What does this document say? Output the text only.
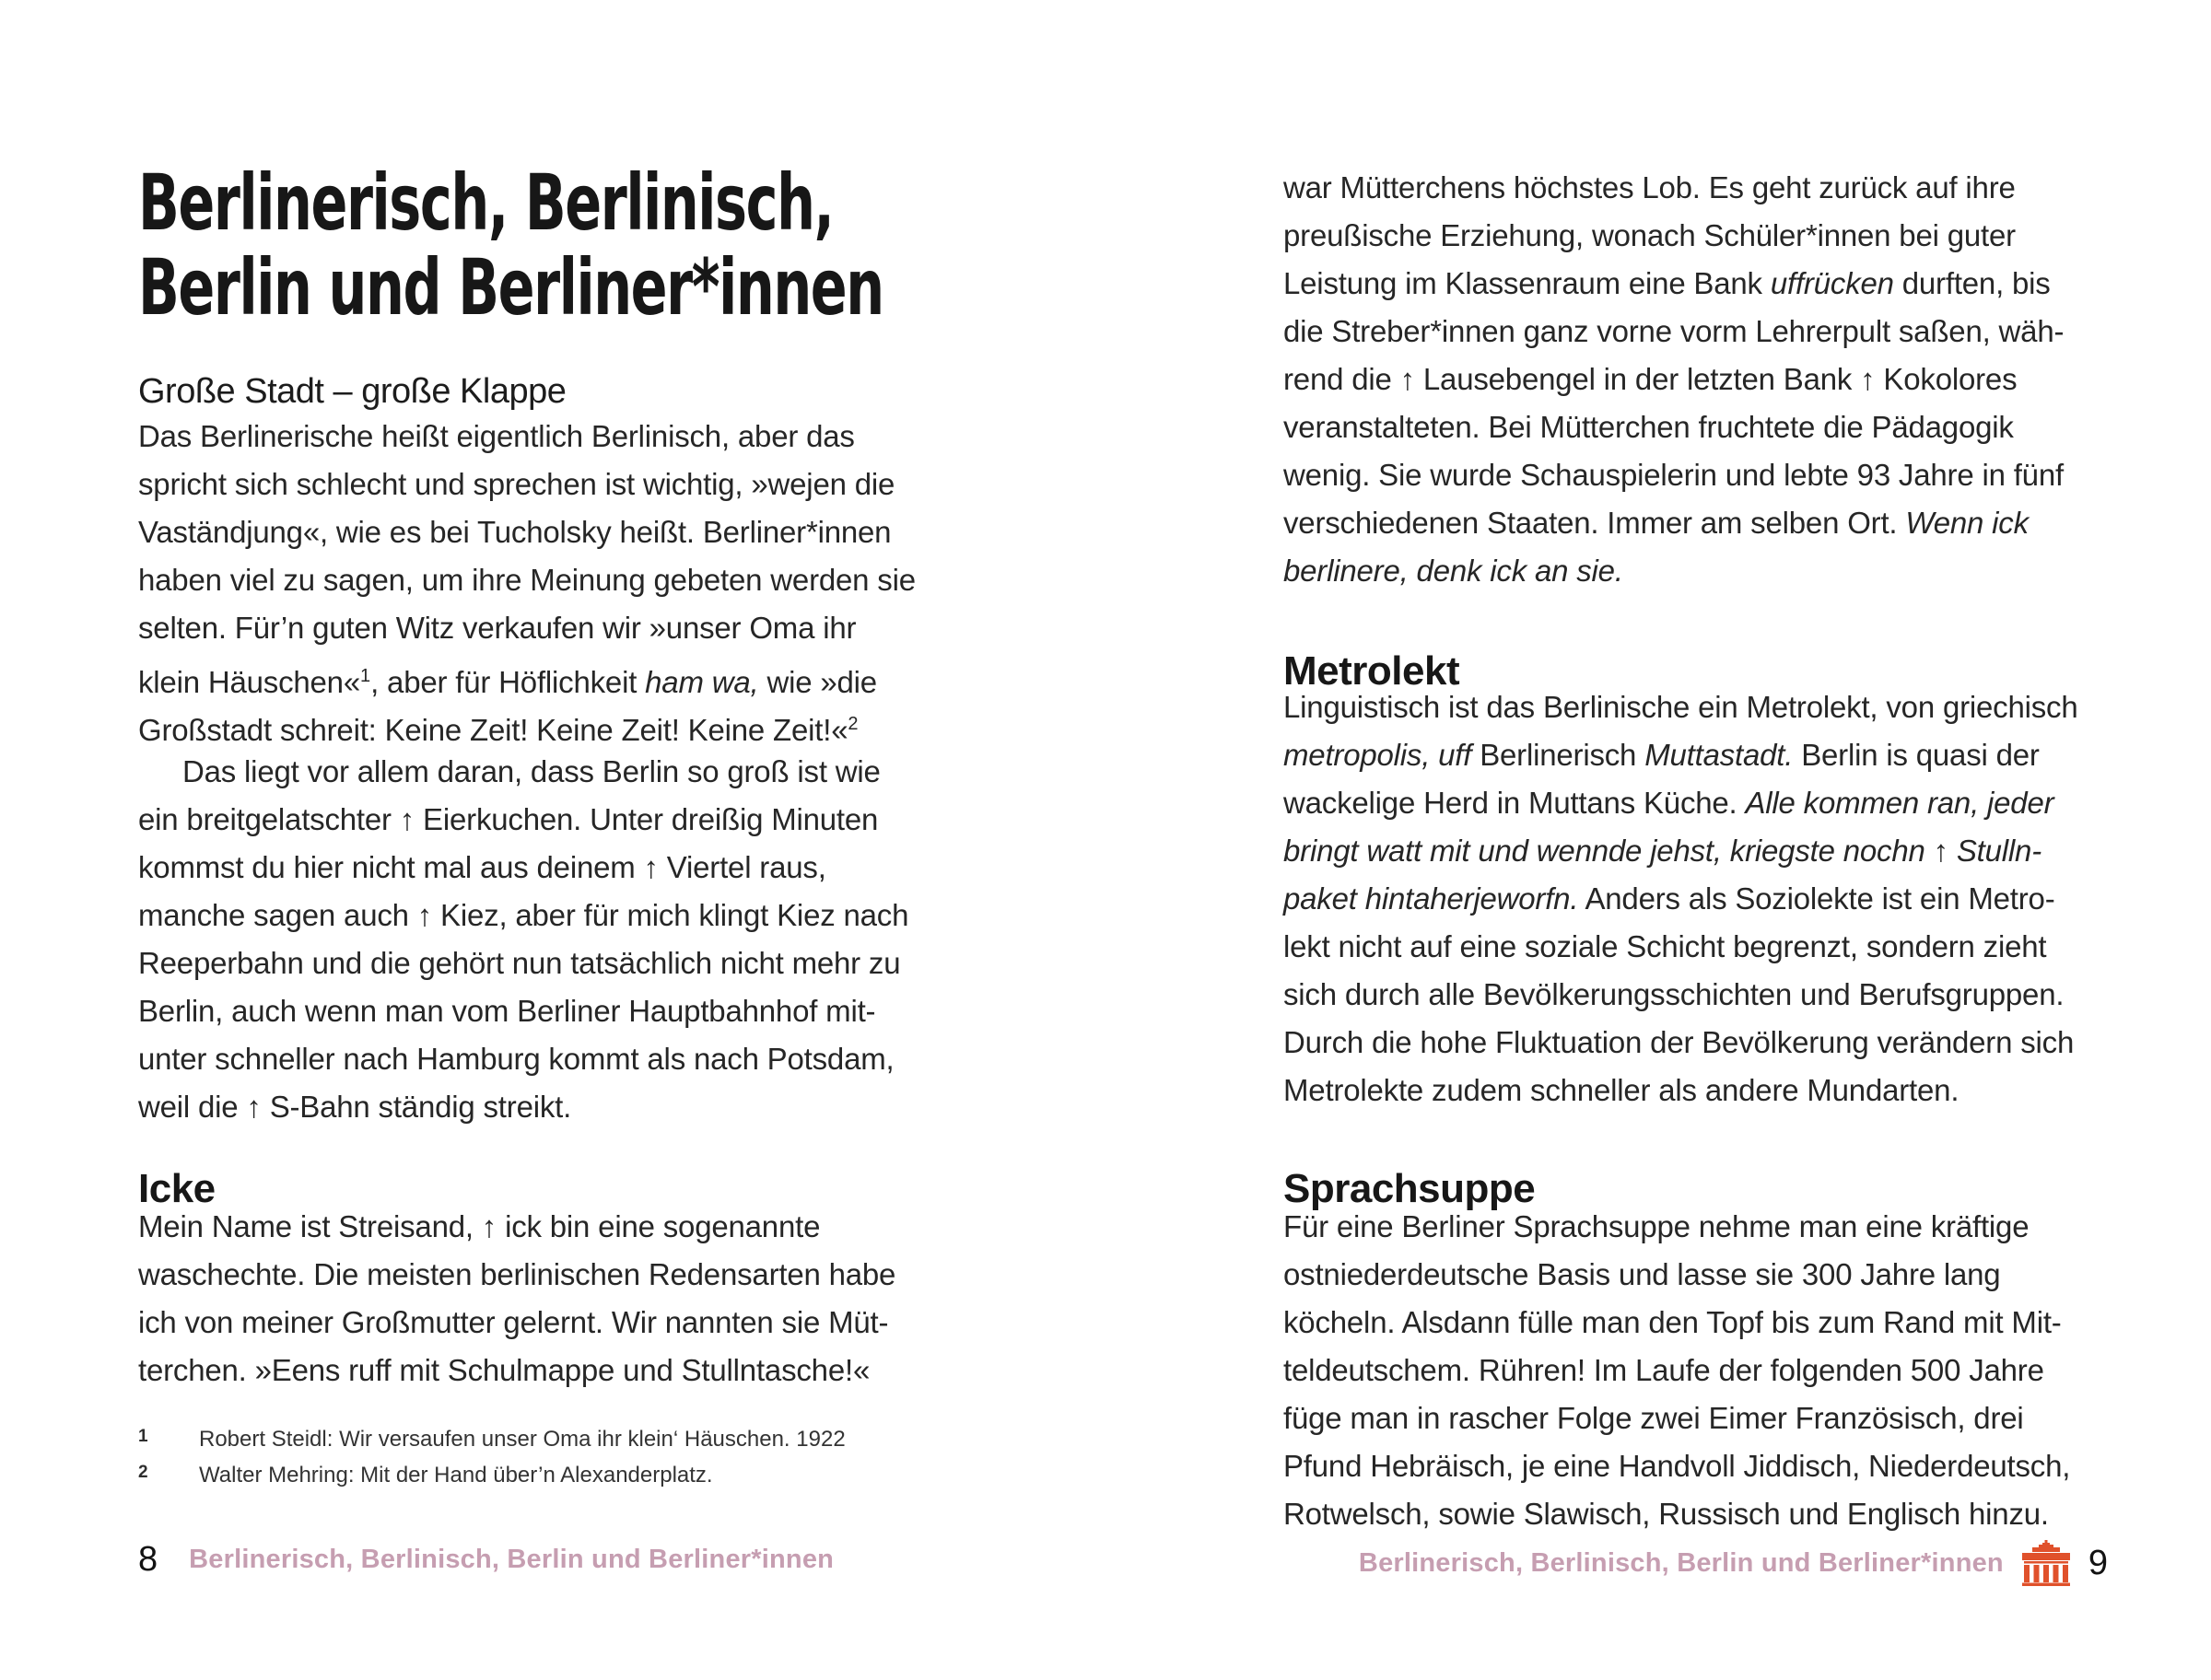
Berlinerisch, Berlinisch,
Berlin und Berliner*innen
Große Stadt – große Klappe
Das Berlinerische heißt eigentlich Berlinisch, aber das
spricht sich schlecht und sprechen ist wichtig, »wejen die
Vaständjung«, wie es bei Tucholsky heißt. Berliner*innen
haben viel zu sagen, um ihre Meinung gebeten werden sie
selten. Für’n guten Witz verkaufen wir »unser Oma ihr
klein Häuschen«$^1$, aber für Höflichkeit ham wa, wie »die
Großstadt schreit: Keine Zeit! Keine Zeit! Keine Zeit!«$^2$
Das liegt vor allem daran, dass Berlin so groß ist wie
ein breitgelatschter ↑ Eierkuchen. Unter dreißig Minuten
kommst du hier nicht mal aus deinem ↑ Viertel raus,
manche sagen auch ↑ Kiez, aber für mich klingt Kiez nach
Reeperbahn und die gehört nun tatsächlich nicht mehr zu
Berlin, auch wenn man vom Berliner Hauptbahnhof mit-
unter schneller nach Hamburg kommt als nach Potsdam,
weil die ↑ S-Bahn ständig streikt.
Icke
Mein Name ist Streisand, ↑ ick bin eine sogenannte
waschechte. Die meisten berlinischen Redensarten habe
ich von meiner Großmutter gelernt. Wir nannten sie Müt-
terchen. »Eens ruff mit Schulmappe und Stullntasche!«
1	Robert Steidl: Wir versaufen unser Oma ihr klein‘ Häuschen. 1922
2	Walter Mehring: Mit der Hand über’n Alexanderplatz.
8 Berlinerisch, Berlinisch, Berlin und Berliner*innen
war Mütterchens höchstes Lob. Es geht zurück auf ihre
preußische Erziehung, wonach Schüler*innen bei guter
Leistung im Klassenraum eine Bank uffrücken durften, bis
die Streber*innen ganz vorne vorm Lehrerpult saßen, wäh-
rend die ↑ Lausebengel in der letzten Bank ↑ Kokolores
veranstalteten. Bei Mütterchen fruchtete die Pädagogik
wenig. Sie wurde Schauspielerin und lebte 93 Jahre in fünf
verschiedenen Staaten. Immer am selben Ort. Wenn ick
berlinere, denk ick an sie.
Metrolekt
Linguistisch ist das Berlinische ein Metrolekt, von griechisch
metropolis, uff Berlinerisch Muttastadt. Berlin is quasi der
wackelige Herd in Muttans Küche. Alle kommen ran, jeder
bringt watt mit und wennde jehst, kriegste nochn ↑ Stulln-
paket hintaherjeworfn. Anders als Soziolekte ist ein Metro-
lekt nicht auf eine soziale Schicht begrenzt, sondern zieht
sich durch alle Bevölkerungsschichten und Berufsgruppen.
Durch die hohe Fluktuation der Bevölkerung verändern sich
Metrolekte zudem schneller als andere Mundarten.
Sprachsuppe
Für eine Berliner Sprachsuppe nehme man eine kräftige
ostniederdeutsche Basis und lasse sie 300 Jahre lang
köcheln. Alsdann fülle man den Topf bis zum Rand mit Mit-
teldeutschem. Rühren! Im Laufe der folgenden 500 Jahre
füge man in rascher Folge zwei Eimer Französisch, drei
Pfund Hebräisch, je eine Handvoll Jiddisch, Niederdeutsch,
Rotwelsch, sowie Slawisch, Russisch und Englisch hinzu.
Berlinerisch, Berlinisch, Berlin und Berliner*innen 9
